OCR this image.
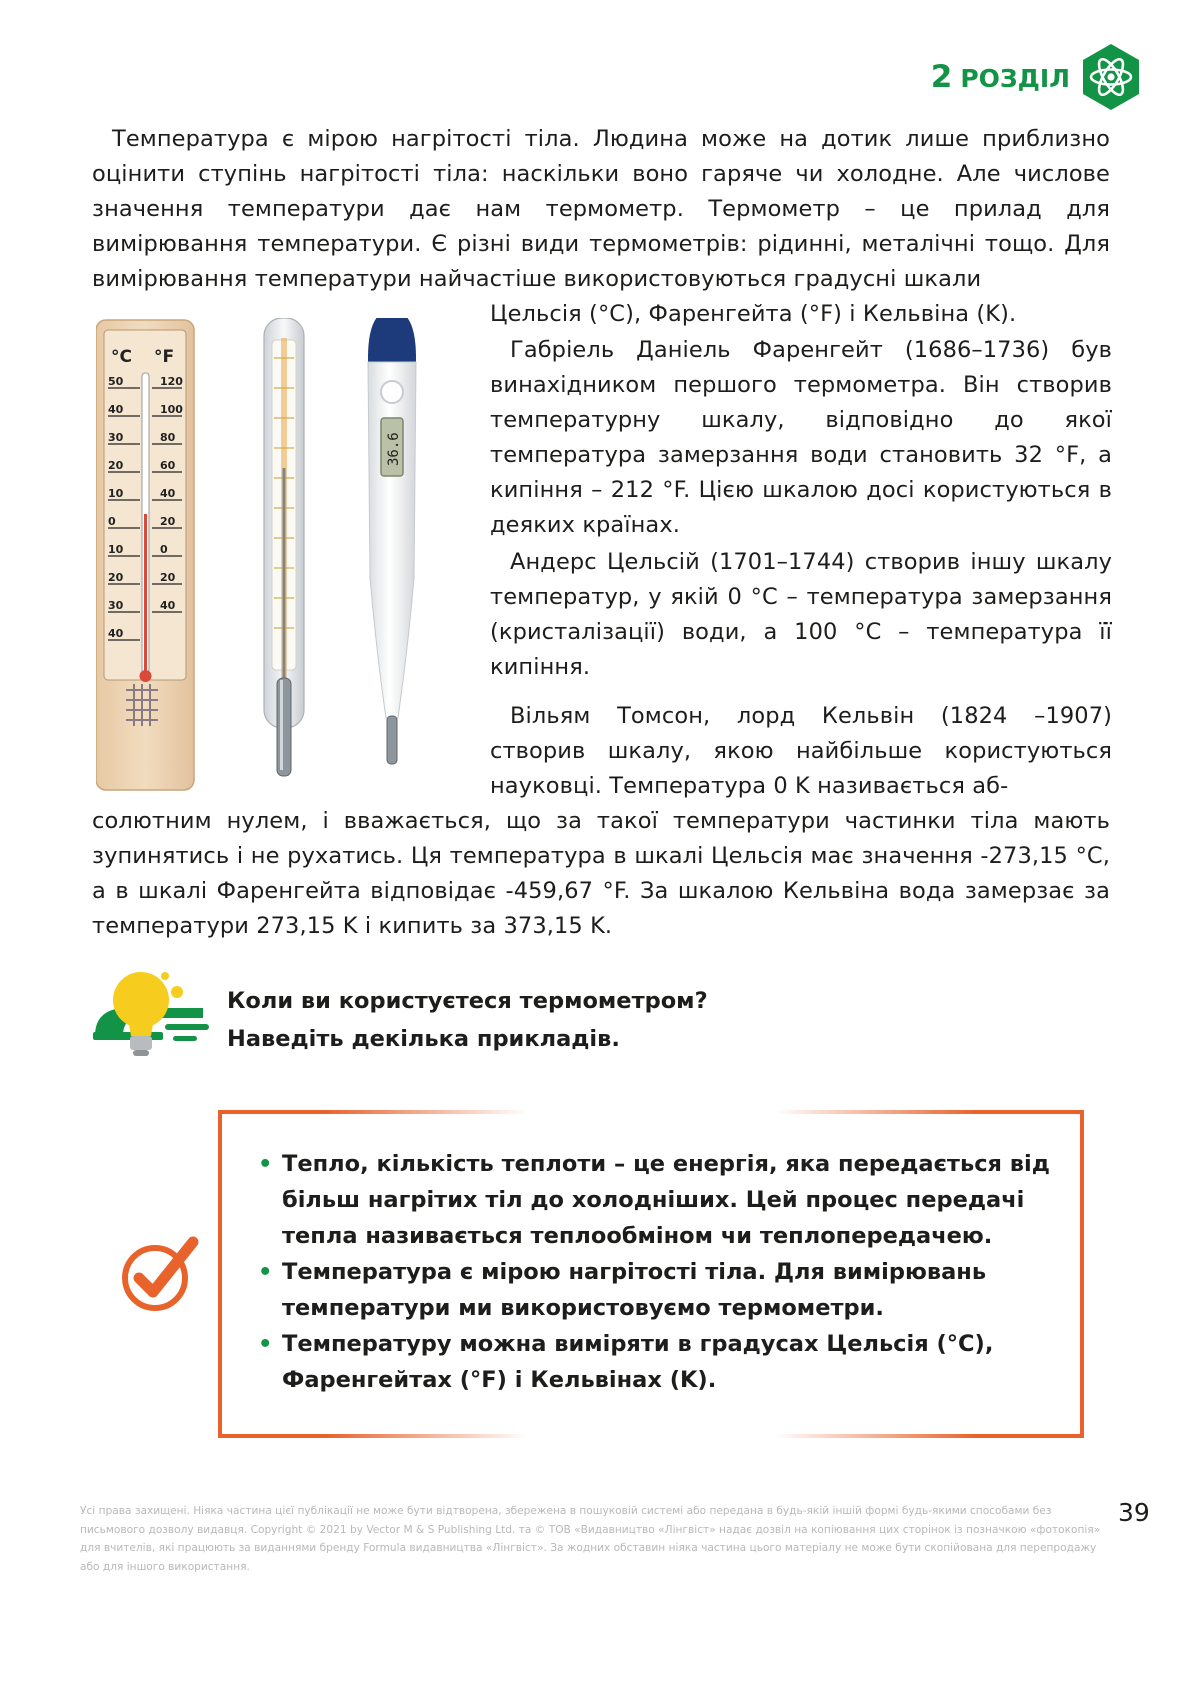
2 РОЗДІЛ

Температура є мірою нагрітості тіла. Людина може на дотик лише приблизно оцінити ступінь нагрітості тіла: наскільки воно гаряче чи холодне. Але числове значення температури дає нам термометр. Термометр – це прилад для вимірювання температури. Є різні види термометрів: рідинні, металічні тощо. Для вимірювання температури найчастіше використовуються градусні шкали

Цельсія (°C), Фаренгейта (°F) і Кельвіна (K).

°C °F
50
40
30
20
10
0
10
20
30
40
120
100
80
60
40
20
0
20
40
36.6

Габріель Даніель Фаренгейт (1686–1736) був винахідником першого термометра. Він створив температурну шкалу, відповідно до якої температура замерзання води становить 32 °F, а кипіння – 212 °F. Цією шкалою досі користуються в деяких країнах.

Андерс Цельсій (1701–1744) створив іншу шкалу температур, у якій 0 °C – температура замерзання (кристалізації) води, а 100 °C – температура її кипіння.

Вільям Томсон, лорд Кельвін (1824 –1907) створив шкалу, якою найбільше користуються науковці. Температура 0 K називається аб-

солютним нулем, і вважається, що за такої температури частинки тіла мають зупинятись і не рухатись. Ця температура в шкалі Цельсія має значення -273,15 °C, а в шкалі Фаренгейта відповідає -459,67 °F. За шкалою Кельвіна вода замерзає за температури 273,15 K і кипить за 373,15 K.

Коли ви користуєтеся термометром?
Наведіть декілька прикладів.
• Тепло, кількість теплоти – це енергія, яка передається від більш нагрітих тіл до холодніших. Цей процес передачі тепла називається теплообміном чи теплопередачею.
• Температура є мірою нагрітості тіла. Для вимірювань температури ми використовуємо термометри.
• Температуру можна виміряти в градусах Цельсія (°C), Фаренгейтах (°F) і Кельвінах (K).

Усі права захищені. Ніяка частина цієї публікації не може бути відтворена, збережена в пошуковій системі або передана в будь-якій іншій формі будь-якими способами без письмового дозволу видавця. Copyright © 2021 by Vector M & S Publishing Ltd. та © ТОВ «Видавництво «Лінгвіст» надає дозвіл на копіювання цих сторінок із позначкою «фотокопія» для вчителів, які працюють за виданнями бренду Formula видавництва «Лінгвіст». За жодних обставин ніяка частина цього матеріалу не може бути скопійована для перепродажу або для іншого використання.

39
